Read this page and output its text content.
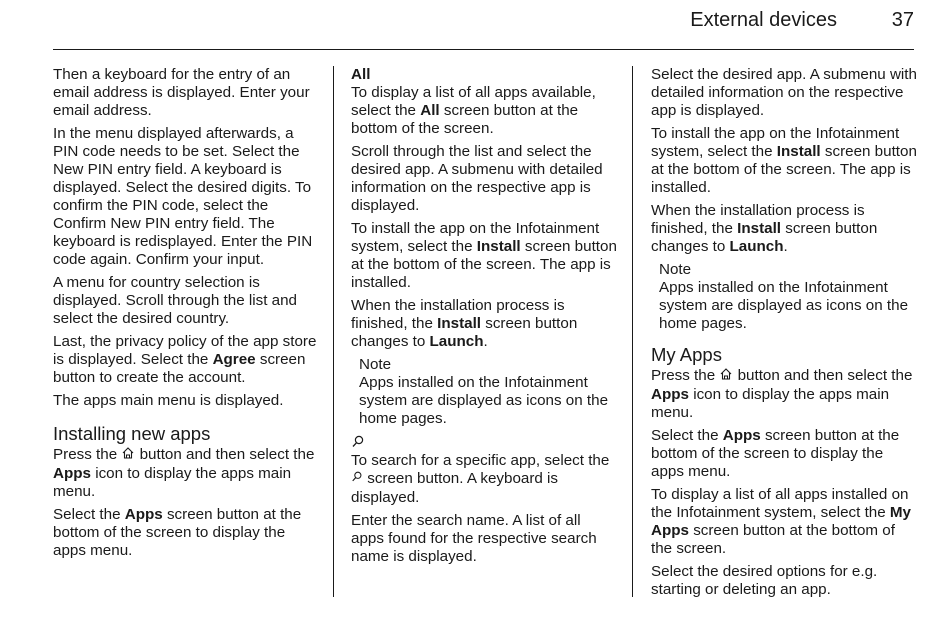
External devices	37

Then a keyboard for the entry of an email address is displayed. Enter your email address.

In the menu displayed afterwards, a PIN code needs to be set. Select the New PIN entry field. A keyboard is displayed. Select the desired digits. To confirm the PIN code, select the Confirm New PIN entry field. The keyboard is redisplayed. Enter the PIN code again. Confirm your input.

A menu for country selection is displayed. Scroll through the list and select the desired country.

Last, the privacy policy of the app store is displayed. Select the Agree screen button to create the account.

The apps main menu is displayed.

Installing new apps

Press the  button and then select the Apps icon to display the apps main menu.

Select the Apps screen button at the bottom of the screen to display the apps menu.

All

To display a list of all apps available, select the All screen button at the bottom of the screen.

Scroll through the list and select the desired app. A submenu with detailed information on the respective app is displayed.

To install the app on the Infotainment system, select the Install screen button at the bottom of the screen. The app is installed.

When the installation process is finished, the Install screen button changes to Launch.

Note
Apps installed on the Infotainment system are displayed as icons on the home pages.

To search for a specific app, select the  screen button. A keyboard is displayed.

Enter the search name. A list of all apps found for the respective search name is displayed.

Select the desired app. A submenu with detailed information on the respective app is displayed.

To install the app on the Infotainment system, select the Install screen button at the bottom of the screen. The app is installed.

When the installation process is finished, the Install screen button changes to Launch.

Note
Apps installed on the Infotainment system are displayed as icons on the home pages.
My Apps

Press the  button and then select the Apps icon to display the apps main menu.

Select the Apps screen button at the bottom of the screen to display the apps menu.

To display a list of all apps installed on the Infotainment system, select the My Apps screen button at the bottom of the screen.

Select the desired options for e.g. starting or deleting an app.
